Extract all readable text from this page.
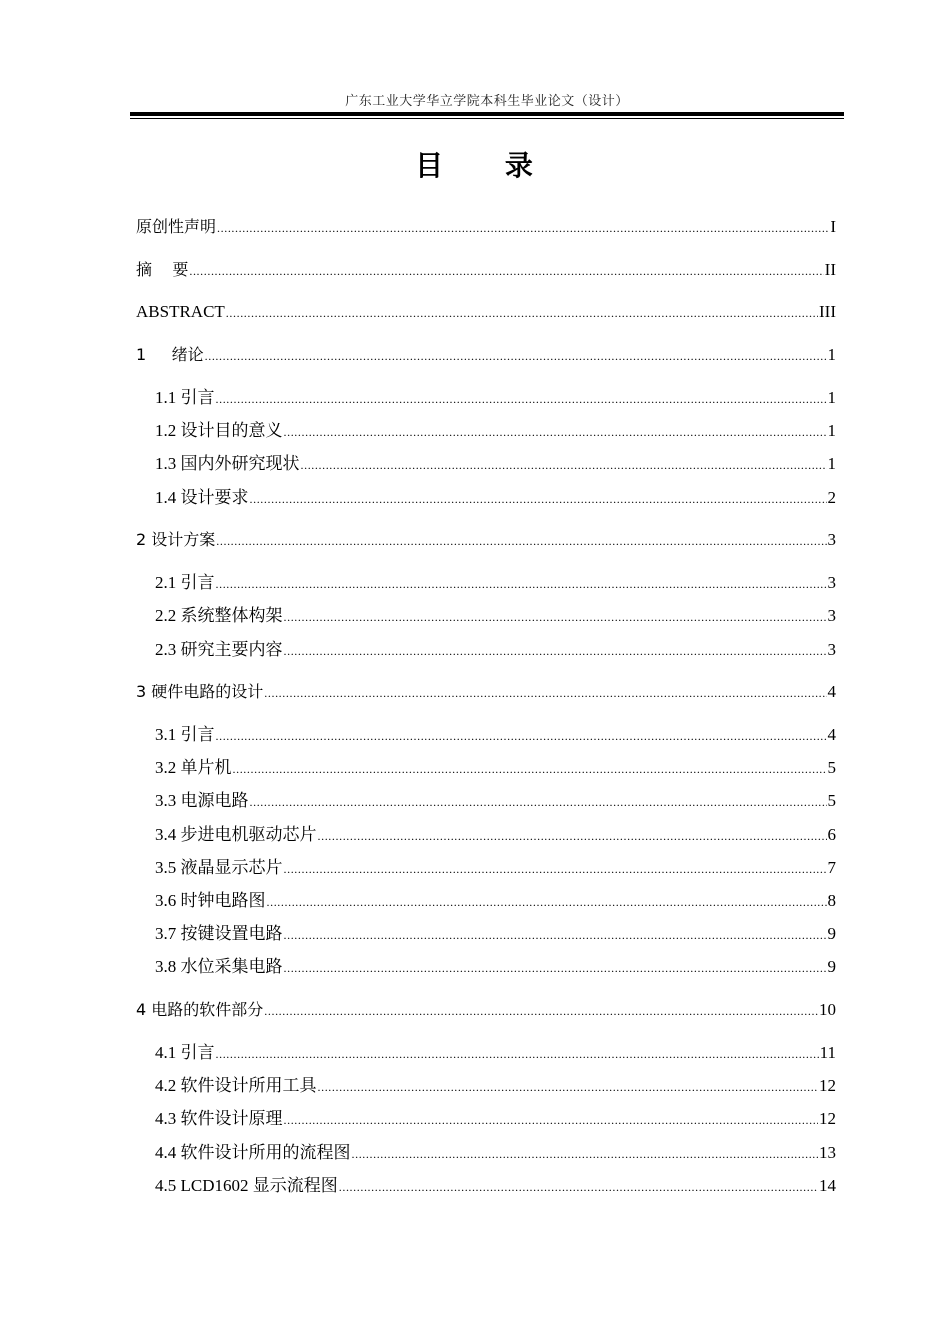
广东工业大学华立学院本科生毕业论文（设计）
目 录
原创性声明 .....	I
摘    要 .....	II
ABSTRACT .....	III
1     绪论 .....	1
1.1 引言 .....	1
1.2 设计目的意义 .....	1
1.3 国内外研究现状 .....	1
1.4 设计要求 .....	2
2 设计方案 .....	3
2.1 引言 .....	3
2.2 系统整体构架 .....	3
2.3 研究主要内容 .....	3
3 硬件电路的设计 .....	4
3.1 引言 .....	4
3.2 单片机 .....	5
3.3 电源电路 .....	5
3.4 步进电机驱动芯片 .....	6
3.5 液晶显示芯片 .....	7
3.6 时钟电路图 .....	8
3.7 按键设置电路 .....	9
3.8 水位采集电路 .....	9
4 电路的软件部分 .....	10
4.1 引言 .....	11
4.2 软件设计所用工具 .....	12
4.3 软件设计原理 .....	12
4.4 软件设计所用的流程图 .....	13
4.5 LCD1602 显示流程图 .....	14
